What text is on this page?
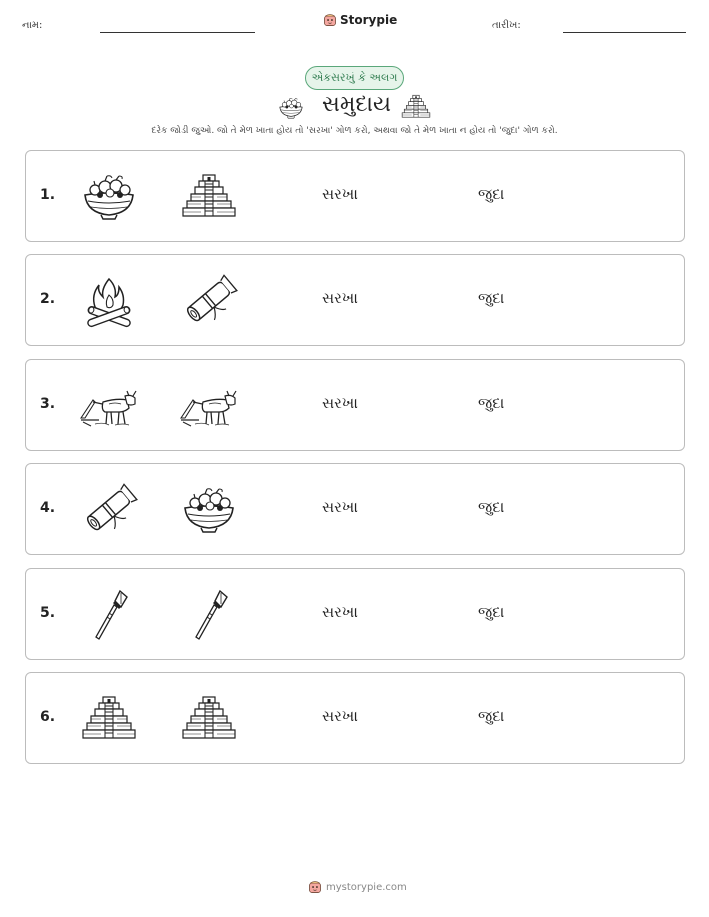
નામ:	Storypie	તારીખ:
એકસરખું કે અલગ
સમુદાય
દરેક જોડી જુઓ. જો તે મેળ ખાતા હોય તો 'સરખા' ગોળ કરો, અથવા જો તે મેળ ખાતા ન હોય તો 'જુદા' ગોળ કરો.
1.	સરખા	જુદા
2.	સરખા	જુદા
3.	સરખા	જુદા
4.	સરખા	જુદા
5.	સરખા	જુદા
6.	સરખા	જુદા
mystorypie.com
